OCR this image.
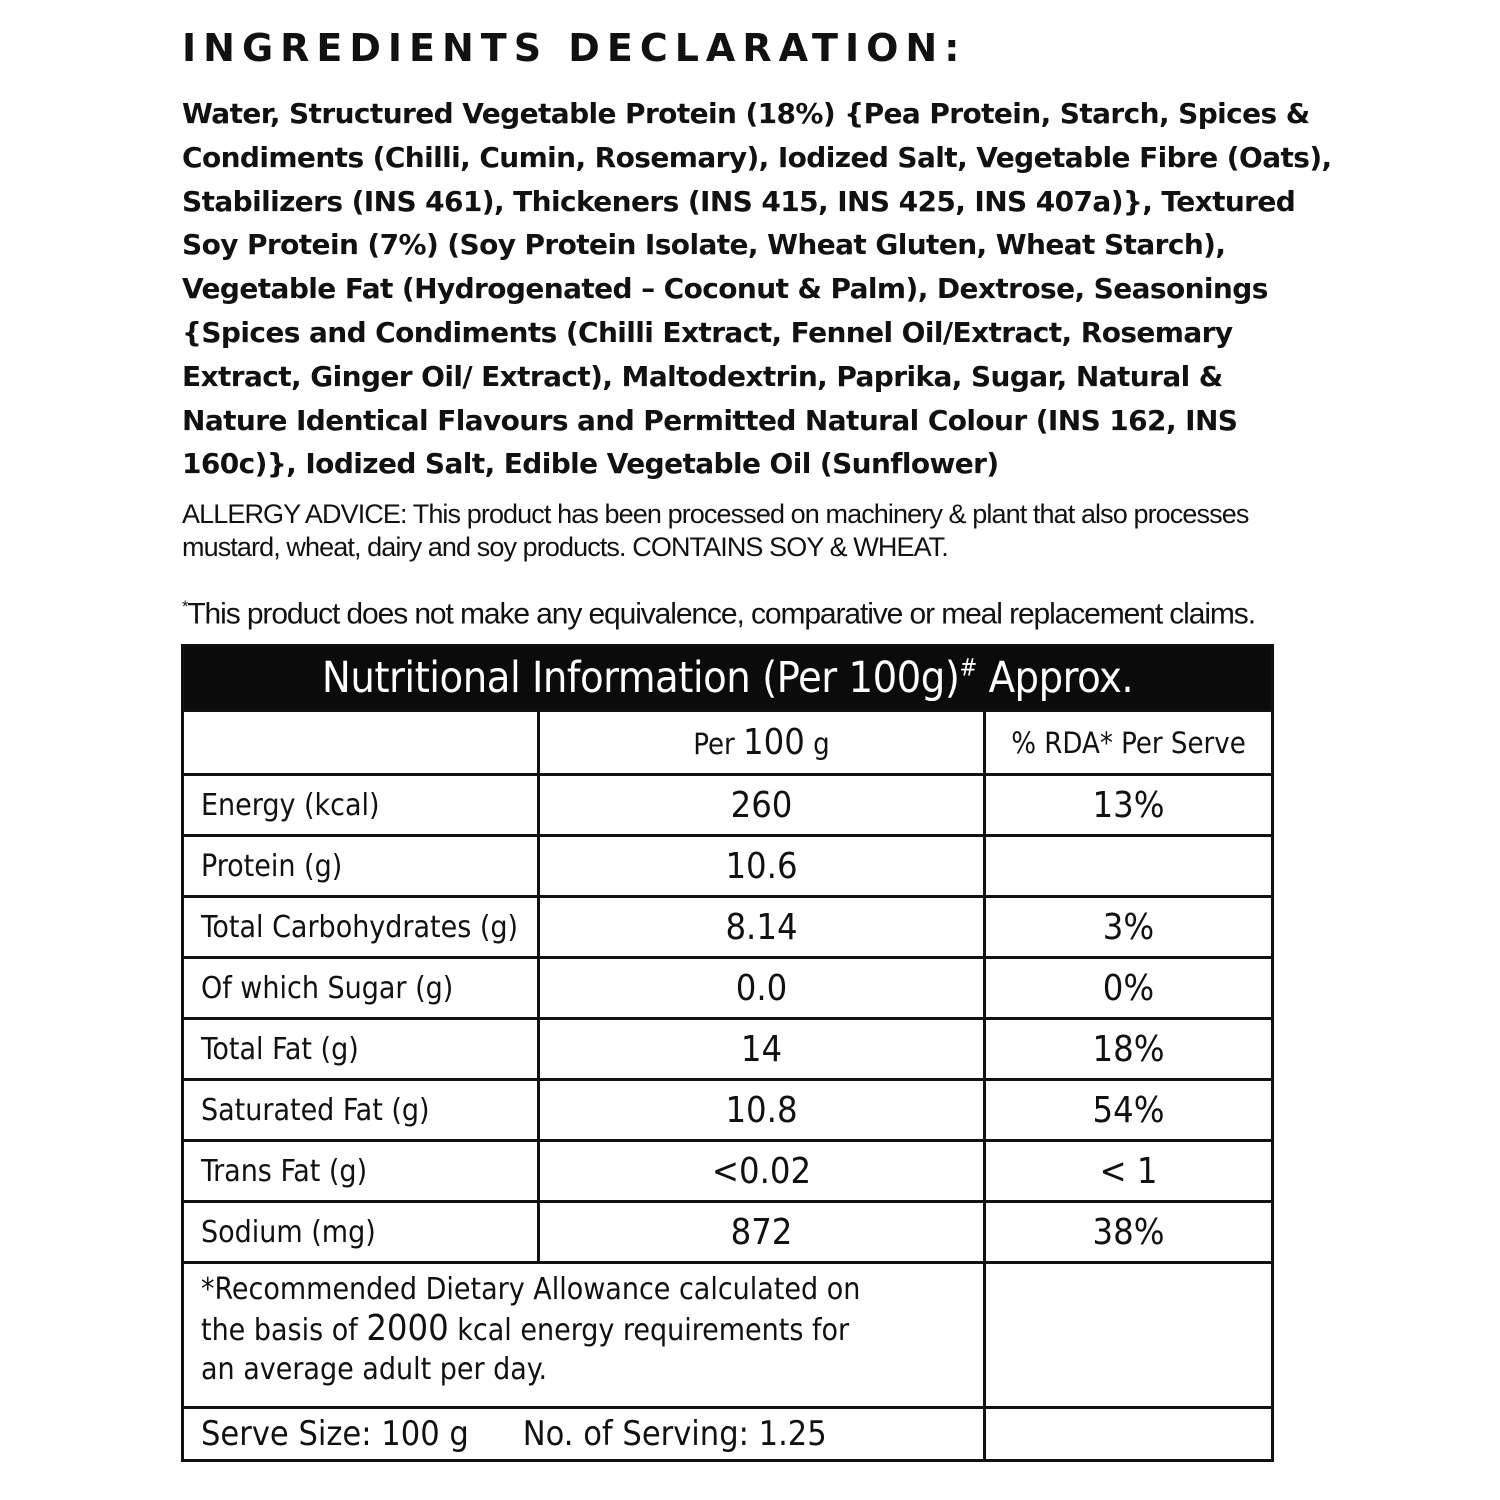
INGREDIENTS DECLARATION:
Water, Structured Vegetable Protein (18%) {Pea Protein, Starch, Spices & Condiments (Chilli, Cumin, Rosemary), Iodized Salt, Vegetable Fibre (Oats), Stabilizers (INS 461), Thickeners (INS 415, INS 425, INS 407a)}, Textured Soy Protein (7%) (Soy Protein Isolate, Wheat Gluten, Wheat Starch), Vegetable Fat (Hydrogenated – Coconut & Palm), Dextrose, Seasonings {Spices and Condiments (Chilli Extract, Fennel Oil/Extract, Rosemary Extract, Ginger Oil/ Extract), Maltodextrin, Paprika, Sugar, Natural & Nature Identical Flavours and Permitted Natural Colour (INS 162, INS 160c)}, Iodized Salt, Edible Vegetable Oil (Sunflower)
ALLERGY ADVICE: This product has been processed on machinery & plant that also processes mustard, wheat, dairy and soy products. CONTAINS SOY & WHEAT.
*This product does not make any equivalence, comparative or meal replacement claims.
Nutritional Information (Per 100g)# Approx.		
	Per 100 g	% RDA* Per Serve
Energy (kcal)	260	13%
Protein (g)	10.6	
Total Carbohydrates (g)	8.14	3%
Of which Sugar (g)	0.0	0%
Total Fat (g)	14	18%
Saturated Fat (g)	10.8	54%
Trans Fat (g)	<0.02	< 1
Sodium (mg)	872	38%

*Recommended Dietary Allowance calculated on
the basis of 2000 kcal energy requirements for
an average adult per day.		

Serve Size: 100 g No. of Serving: 1.25		
